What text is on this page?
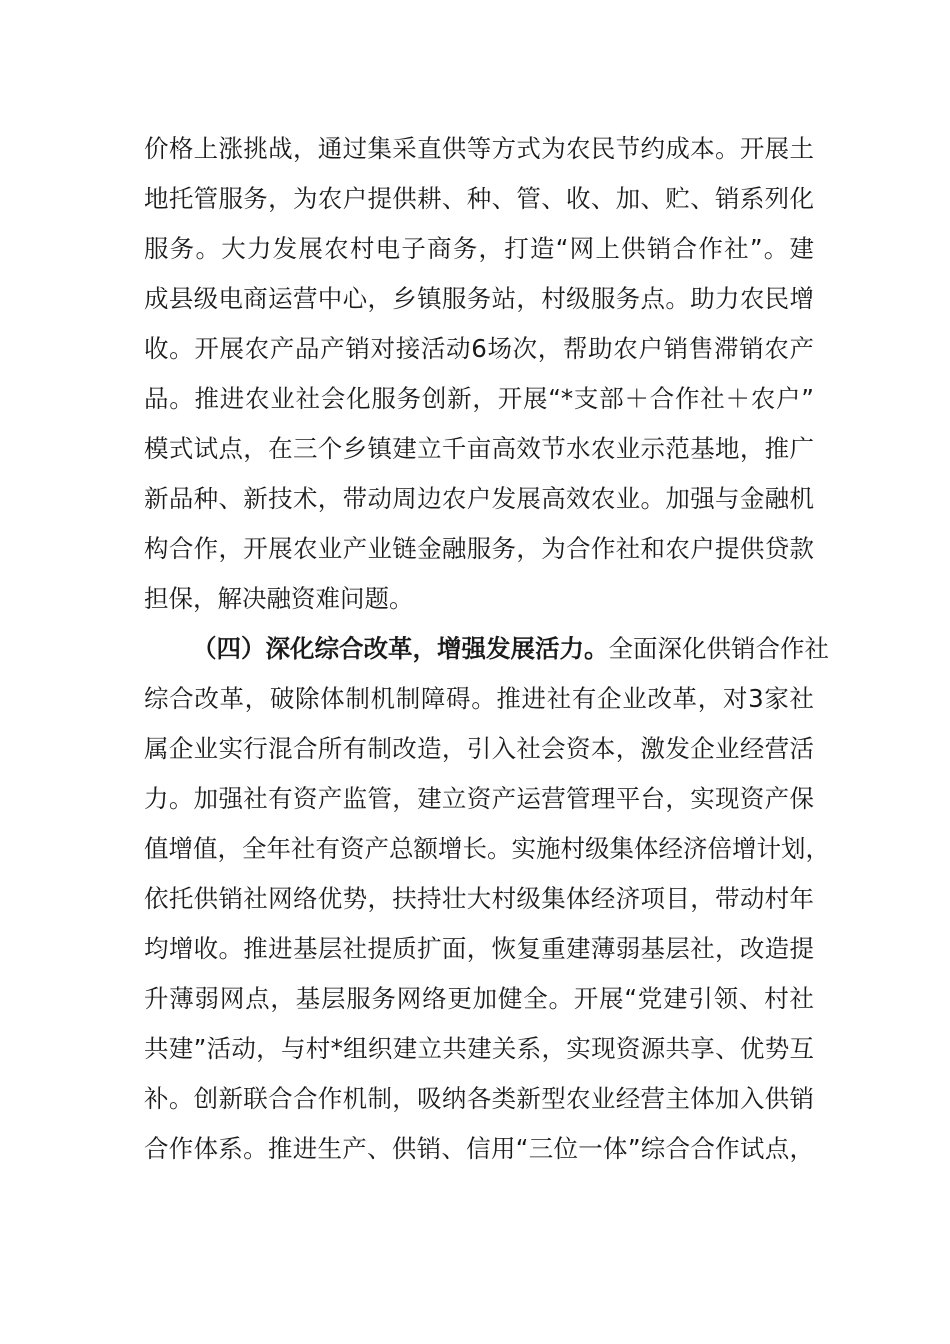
价格上涨挑战，通过集采直供等方式为农民节约成本。开展土
地托管服务，为农户提供耕、种、管、收、加、贮、销系列化
服务。大力发展农村电子商务，打造“网上供销合作社”。建
成县级电商运营中心，乡镇服务站，村级服务点。助力农民增
收。开展农产品产销对接活动6场次，帮助农户销售滞销农产
品。推进农业社会化服务创新，开展“*支部＋合作社＋农户”
模式试点，在三个乡镇建立千亩高效节水农业示范基地，推广
新品种、新技术，带动周边农户发展高效农业。加强与金融机
构合作，开展农业产业链金融服务，为合作社和农户提供贷款
担保，解决融资难问题。
（四）深化综合改革，增强发展活力。全面深化供销合作社
综合改革，破除体制机制障碍。推进社有企业改革，对3家社
属企业实行混合所有制改造，引入社会资本，激发企业经营活
力。加强社有资产监管，建立资产运营管理平台，实现资产保
值增值，全年社有资产总额增长。实施村级集体经济倍增计划，
依托供销社网络优势，扶持壮大村级集体经济项目，带动村年
均增收。推进基层社提质扩面，恢复重建薄弱基层社，改造提
升薄弱网点，基层服务网络更加健全。开展“党建引领、村社
共建”活动，与村*组织建立共建关系，实现资源共享、优势互
补。创新联合合作机制，吸纳各类新型农业经营主体加入供销
合作体系。推进生产、供销、信用“三位一体”综合合作试点，
